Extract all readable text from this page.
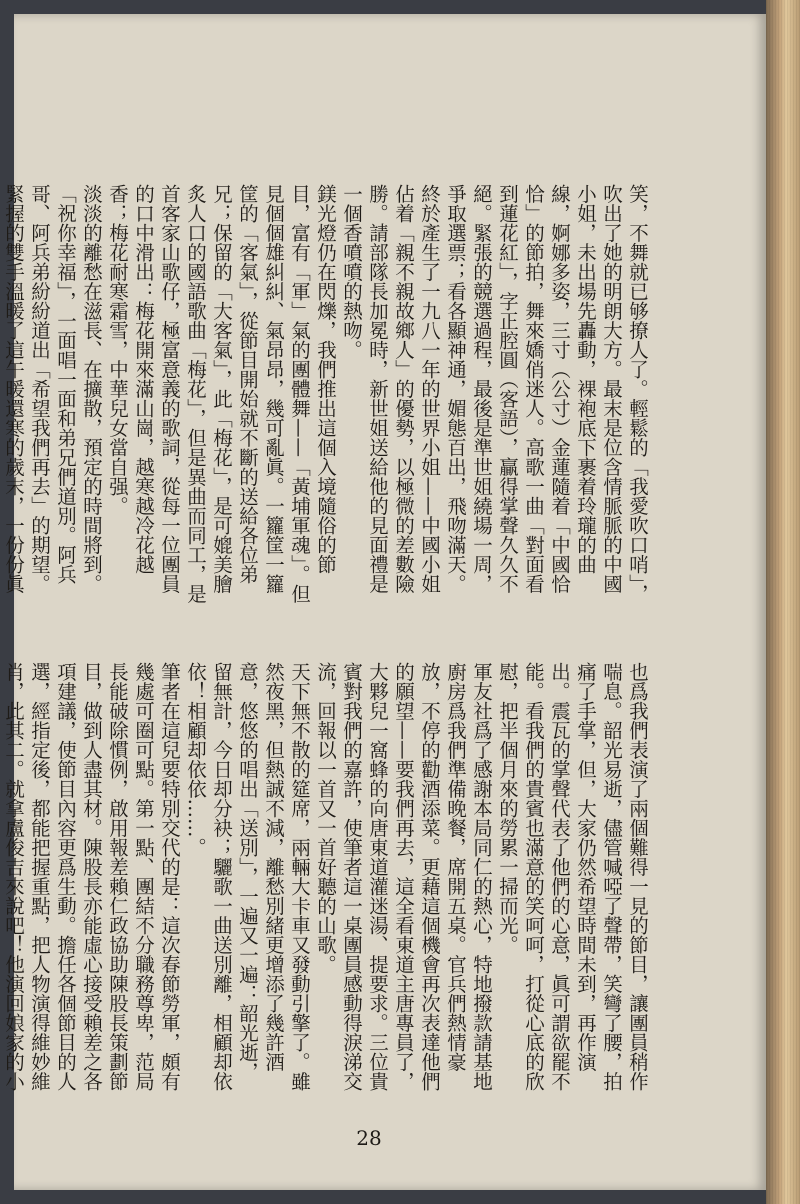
笑，不舞就已够撩人了。輕鬆的「我愛吹口哨」，吹出了她的明朗大方。最末是位含情脈脈的中國小姐，未出場先轟動，裸袍底下裹着玲瓏的曲線，婀娜多姿，三寸（公寸）金蓮隨着「中國恰恰」的節拍，舞來嬌俏迷人。高歌一曲「對面看到蓮花紅」，字正腔圓（客語），贏得掌聲久久不絕。緊張的競選過程，最後是準世姐繞場一周，爭取選票；看各顯神通，媚態百出，飛吻滿天。終於產生了一九八一年的世界小姐——中國小姐佔着「親不親故鄉人」的優勢，以極微的差數險勝。請部隊長加冕時，新世姐送給他的見面禮是一個香噴噴的熱吻。

鎂光燈仍在閃爍，我們推出這個入境隨俗的節目，富有「軍」氣的團體舞——「黃埔軍魂」。但見個個雄糾糾、氣昂昂，幾可亂眞。一籮筐一籮筐的「客氣」，從節目開始就不斷的送給各位弟兄；保留的「大客氣」，此「梅花」，是可媲美膾炙人口的國語歌曲「梅花」，但是異曲而同工，是首客家山歌仔，極富意義的歌詞，從每一位團員的口中滑出：梅花開來滿山崗，越寒越冷花越香；梅花耐寒霜雪，中華兒女當自强。

淡淡的離愁在滋長、在擴散，預定的時間將到。「祝你幸福」，一面唱一面和弟兄們道別。阿兵哥、阿兵弟紛紛道出「希望我們再去」的期望。緊握的雙手溫暖了這午暖還寒的歲末，一份份眞

也爲我們表演了兩個難得一見的節目，讓團員稍作喘息。韶光易逝，儘管喊啞了聲帶，笑彎了腰，拍痛了手掌，但，大家仍然希望時間未到，再作演出。震瓦的掌聲代表了他們的心意，眞可謂欲罷不能。看我們的貴賓也滿意的笑呵呵，打從心底的欣慰，把半個月來的勞累一掃而光。

軍友社爲了感謝本局同仁的熱心，特地撥款請基地廚房爲我們準備晚餐，席開五桌。官兵們熱情豪放，不停的勸酒添菜。更藉這個機會再次表達他們的願望——要我們再去，這全看東道主唐專員了，大夥兒一窩蜂的向唐東道灌迷湯、提要求。三位貴賓對我們的嘉許，使筆者這一桌團員感動得淚涕交流，回報以一首又一首好聽的山歌。

天下無不散的筵席，兩輛大卡車又發動引擎了。雖然夜黑，但熱誠不減，離愁別緒更增添了幾許酒意，悠悠的唱出「送別」，一遍又一遍：韶光逝，留無計，今日却分袂；驪歌一曲送別離，相顧却依依！相顧却依依……。

筆者在這兒要特別交代的是：這次春節勞軍，頗有幾處可圈可點。第一點、團結不分職務尊卑，范局長能破除慣例，啟用報差賴仁政協助陳股長策劃節目，做到人盡其材。陳股長亦能虛心接受賴差之各項建議，使節目內容更爲生動。擔任各個節目的人選，經指定後，都能把握重點，把人物演得維妙維肖，此其二。就拿盧俊吉來說吧！他演回娘家的小

28
